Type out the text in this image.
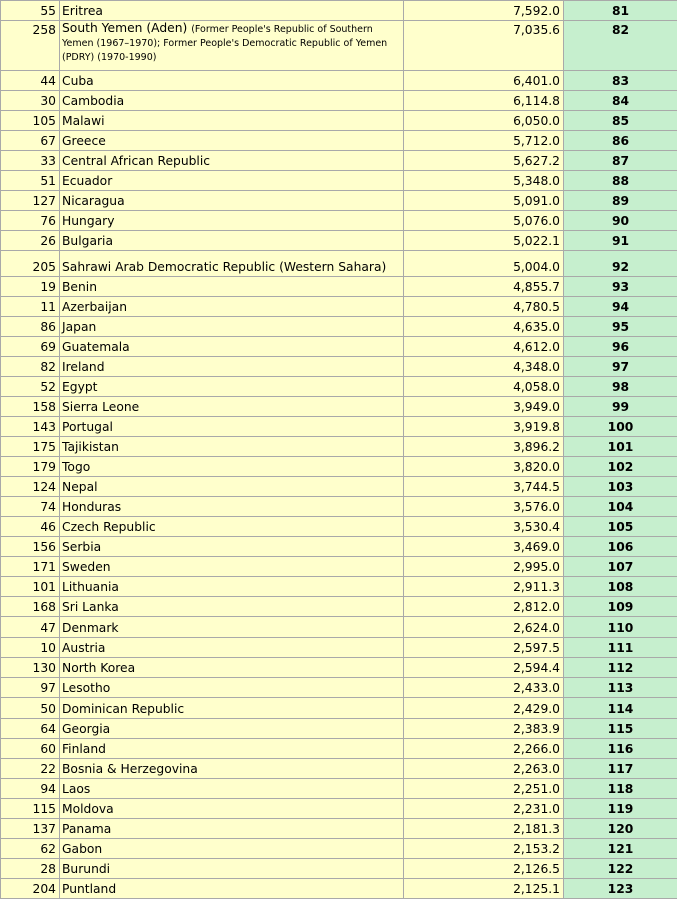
55	Eritrea	7,592.0	81
258	South Yemen (Aden) (Former People's Republic of Southern Yemen (1967–1970); Former People's Democratic Republic of Yemen (PDRY) (1970-1990)	7,035.6	82
44	Cuba	6,401.0	83
30	Cambodia	6,114.8	84
105	Malawi	6,050.0	85
67	Greece	5,712.0	86
33	Central African Republic	5,627.2	87
51	Ecuador	5,348.0	88
127	Nicaragua	5,091.0	89
76	Hungary	5,076.0	90
26	Bulgaria	5,022.1	91
205	Sahrawi Arab Democratic Republic (Western Sahara)	5,004.0	92
19	Benin	4,855.7	93
11	Azerbaijan	4,780.5	94
86	Japan	4,635.0	95
69	Guatemala	4,612.0	96
82	Ireland	4,348.0	97
52	Egypt	4,058.0	98
158	Sierra Leone	3,949.0	99
143	Portugal	3,919.8	100
175	Tajikistan	3,896.2	101
179	Togo	3,820.0	102
124	Nepal	3,744.5	103
74	Honduras	3,576.0	104
46	Czech Republic	3,530.4	105
156	Serbia	3,469.0	106
171	Sweden	2,995.0	107
101	Lithuania	2,911.3	108
168	Sri Lanka	2,812.0	109
47	Denmark	2,624.0	110
10	Austria	2,597.5	111
130	North Korea	2,594.4	112
97	Lesotho	2,433.0	113
50	Dominican Republic	2,429.0	114
64	Georgia	2,383.9	115
60	Finland	2,266.0	116
22	Bosnia & Herzegovina	2,263.0	117
94	Laos	2,251.0	118
115	Moldova	2,231.0	119
137	Panama	2,181.3	120
62	Gabon	2,153.2	121
28	Burundi	2,126.5	122
204	Puntland	2,125.1	123
